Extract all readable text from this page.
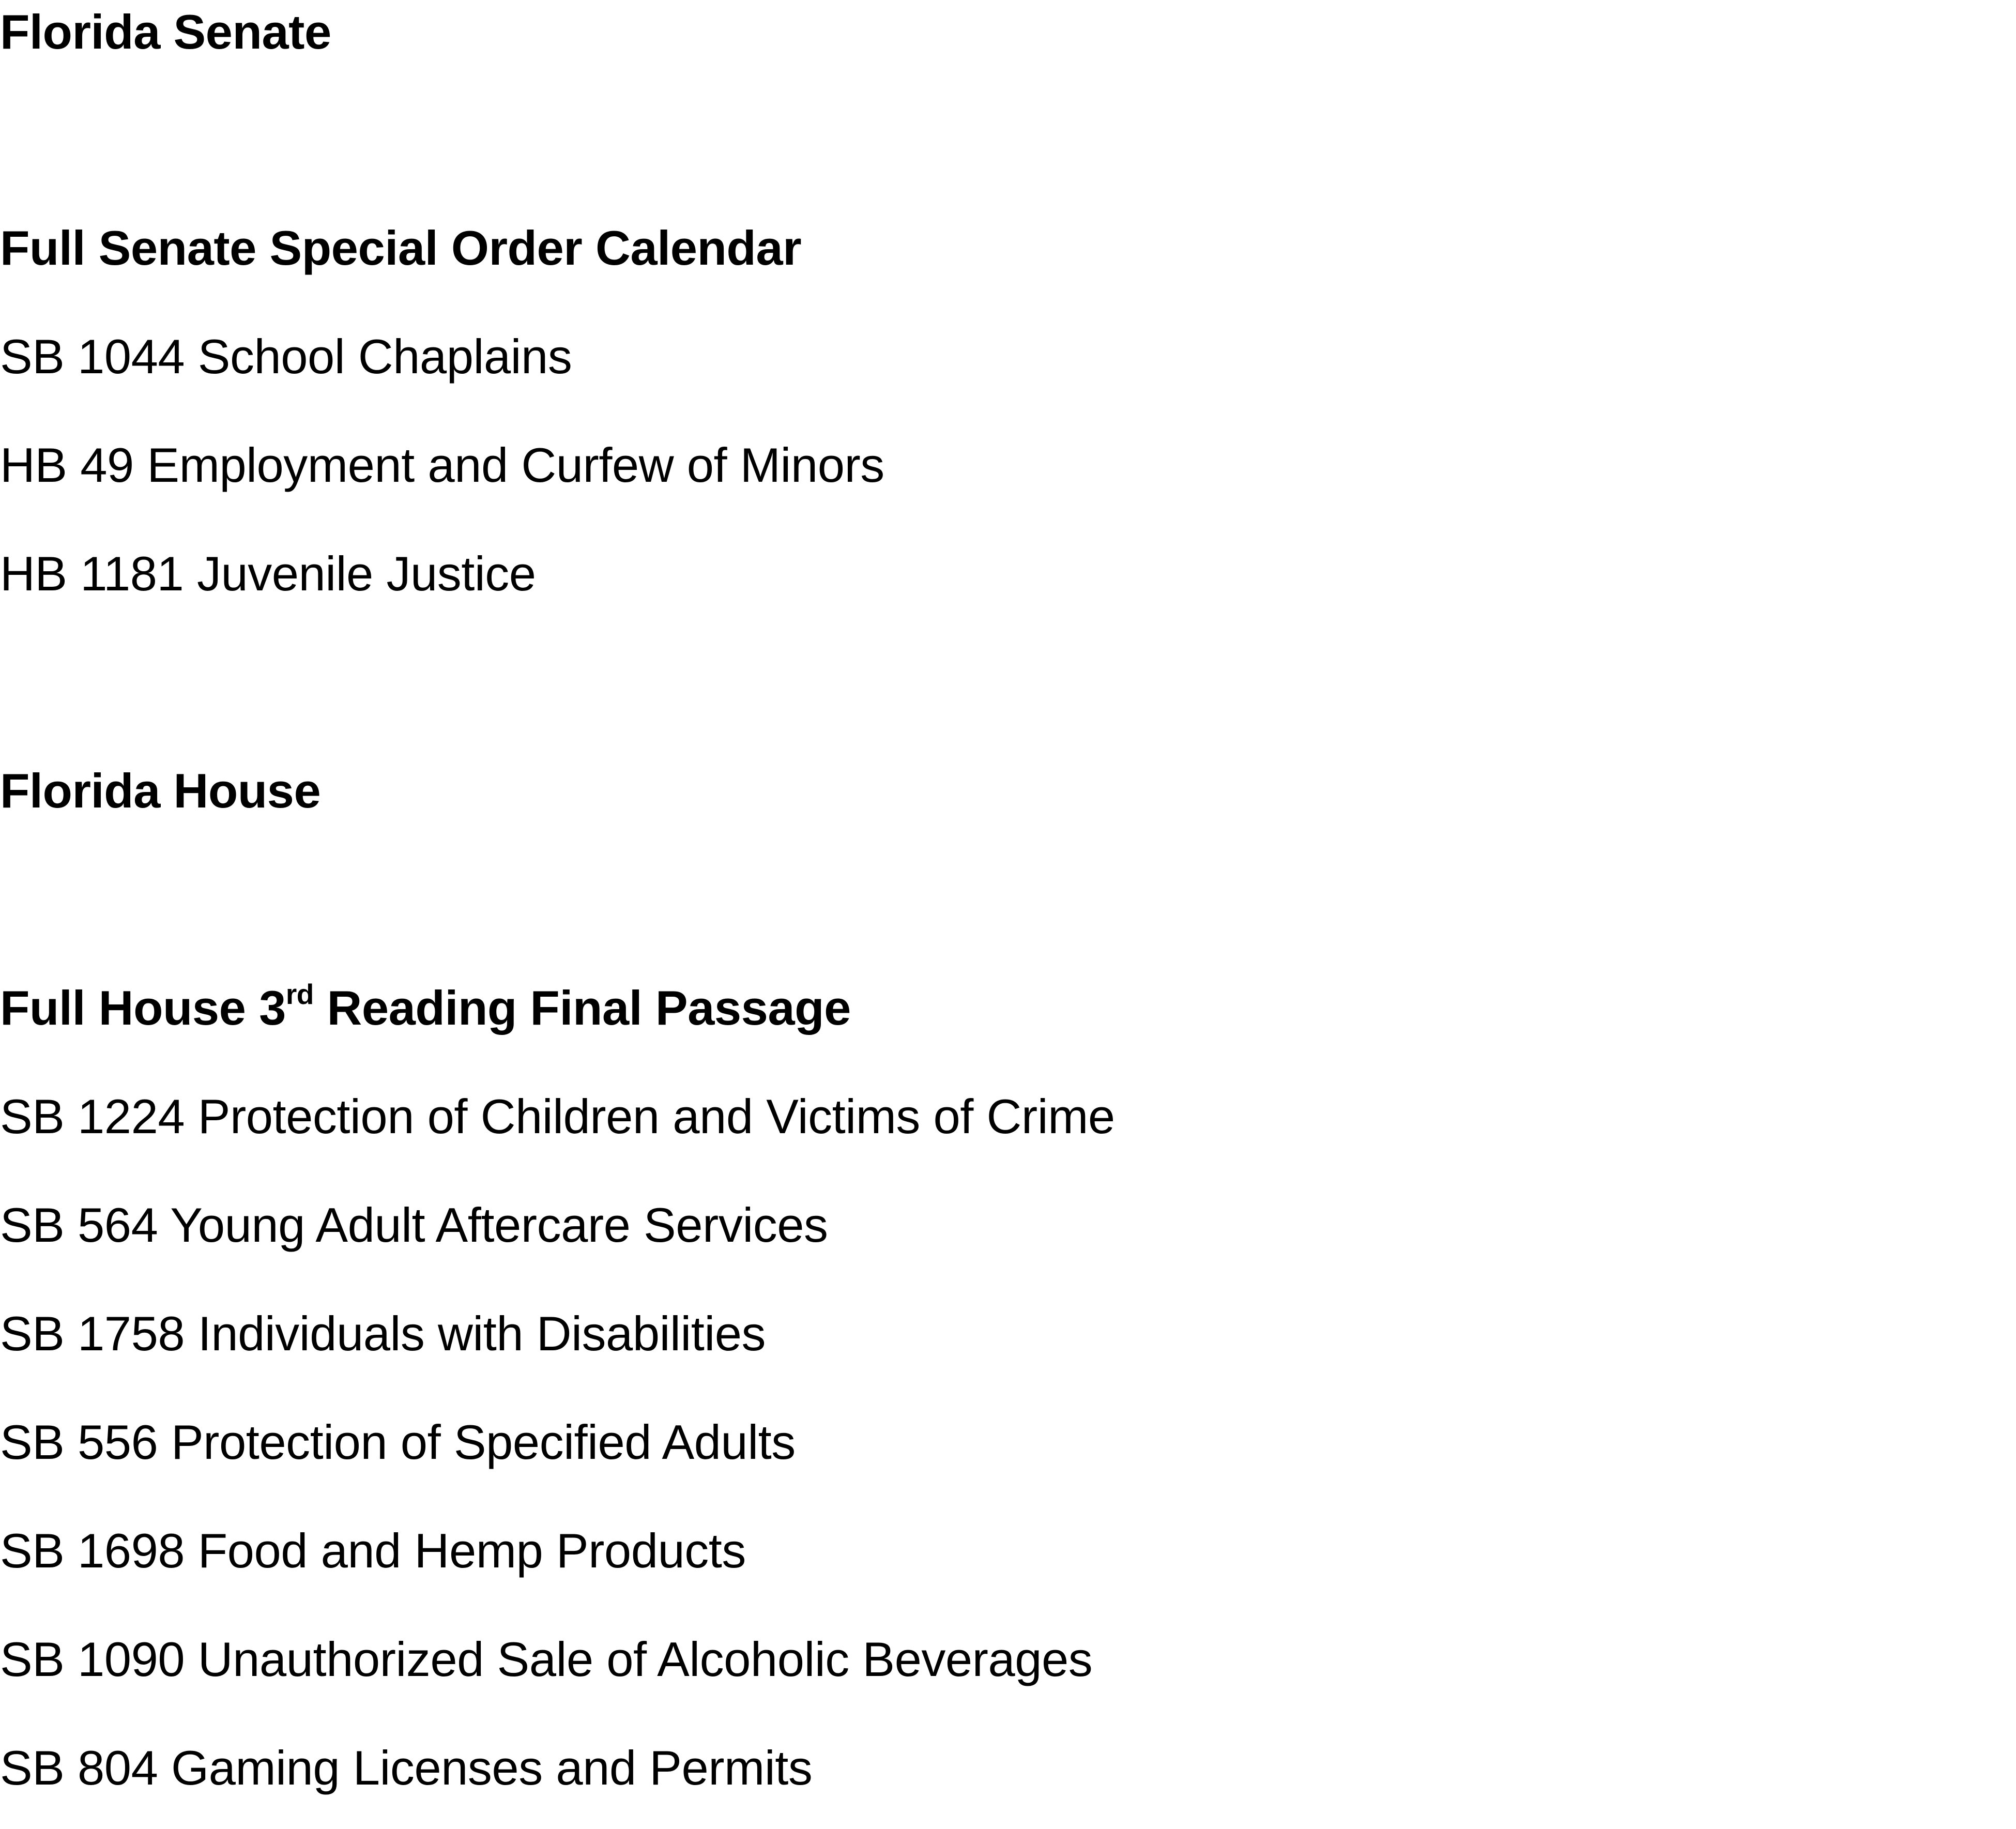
Florida Senate

Full Senate Special Order Calendar

SB 1044 School Chaplains

HB 49 Employment and Curfew of Minors

HB 1181 Juvenile Justice

Florida House

Full House 3rd Reading Final Passage

SB 1224 Protection of Children and Victims of Crime

SB 564 Young Adult Aftercare Services

SB 1758 Individuals with Disabilities

SB 556 Protection of Specified Adults

SB 1698 Food and Hemp Products

SB 1090 Unauthorized Sale of Alcoholic Beverages

SB 804 Gaming Licenses and Permits
